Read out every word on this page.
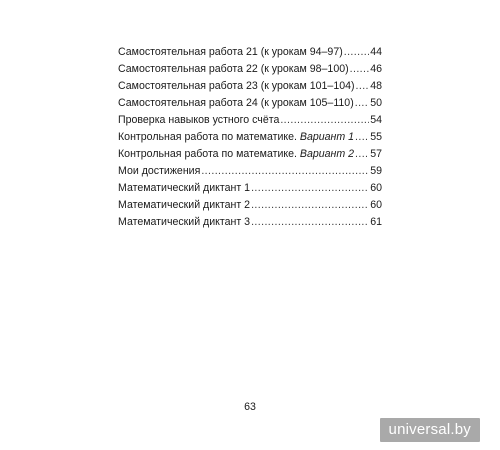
Самостоятельная работа 21 (к урокам 94–97) .....	44
Самостоятельная работа 22 (к урокам 98–100) ..... 46
Самостоятельная работа 23 (к урокам 101–104) ..... 48
Самостоятельная работа 24 (к урокам 105–110) ..... 50
Проверка навыков устного счёта .....	54
Контрольная работа по математике. Вариант 1 ..... 55
Контрольная работа по математике. Вариант 2 ..... 57
Мои достижения .....	59
Математический диктант 1 .....	60
Математический диктант 2 .....	60
Математический диктант 3 .....	61
63
universal.by
